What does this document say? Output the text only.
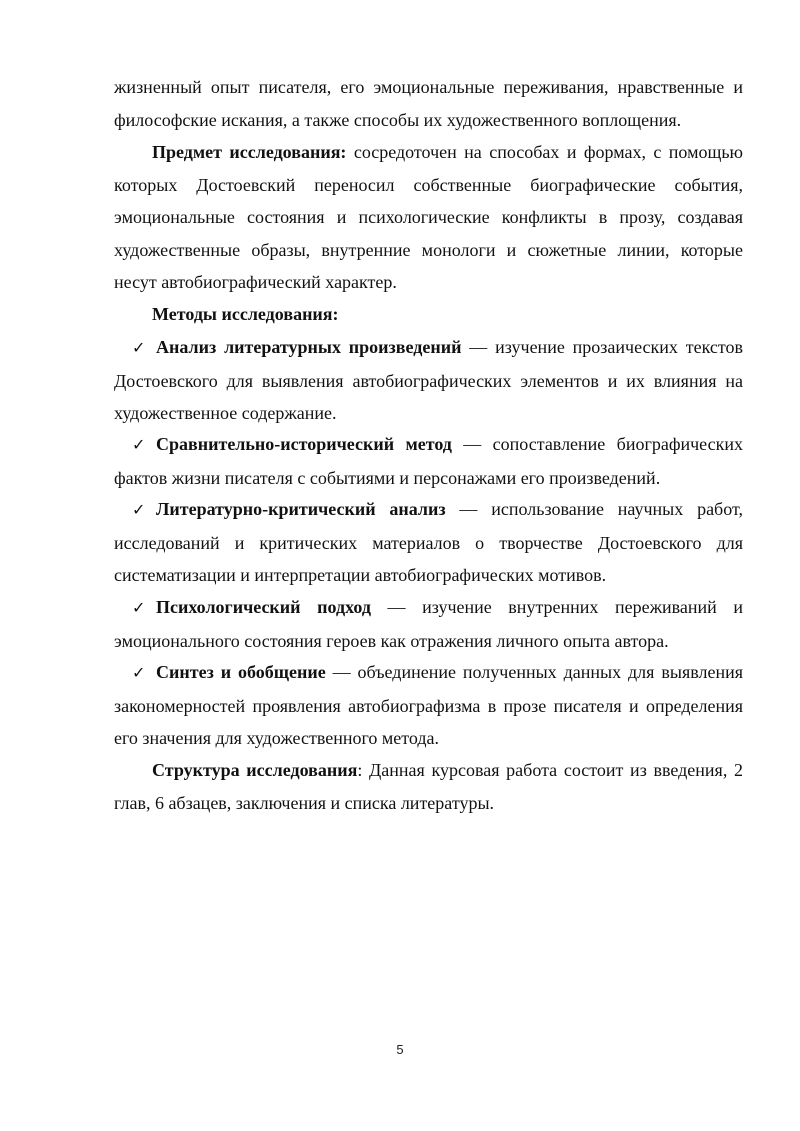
жизненный опыт писателя, его эмоциональные переживания, нравственные и философские искания, а также способы их художественного воплощения.
Предмет исследования: сосредоточен на способах и формах, с помощью которых Достоевский переносил собственные биографические события, эмоциональные состояния и психологические конфликты в прозу, создавая художественные образы, внутренние монологи и сюжетные линии, которые несут автобиографический характер.
Методы исследования:
✓ Анализ литературных произведений — изучение прозаических текстов Достоевского для выявления автобиографических элементов и их влияния на художественное содержание.
✓ Сравнительно-исторический метод — сопоставление биографических фактов жизни писателя с событиями и персонажами его произведений.
✓ Литературно-критический анализ — использование научных работ, исследований и критических материалов о творчестве Достоевского для систематизации и интерпретации автобиографических мотивов.
✓ Психологический подход — изучение внутренних переживаний и эмоционального состояния героев как отражения личного опыта автора.
✓ Синтез и обобщение — объединение полученных данных для выявления закономерностей проявления автобиографизма в прозе писателя и определения его значения для художественного метода.
Структура исследования: Данная курсовая работа состоит из введения, 2 глав, 6 абзацев, заключения и списка литературы.
5
